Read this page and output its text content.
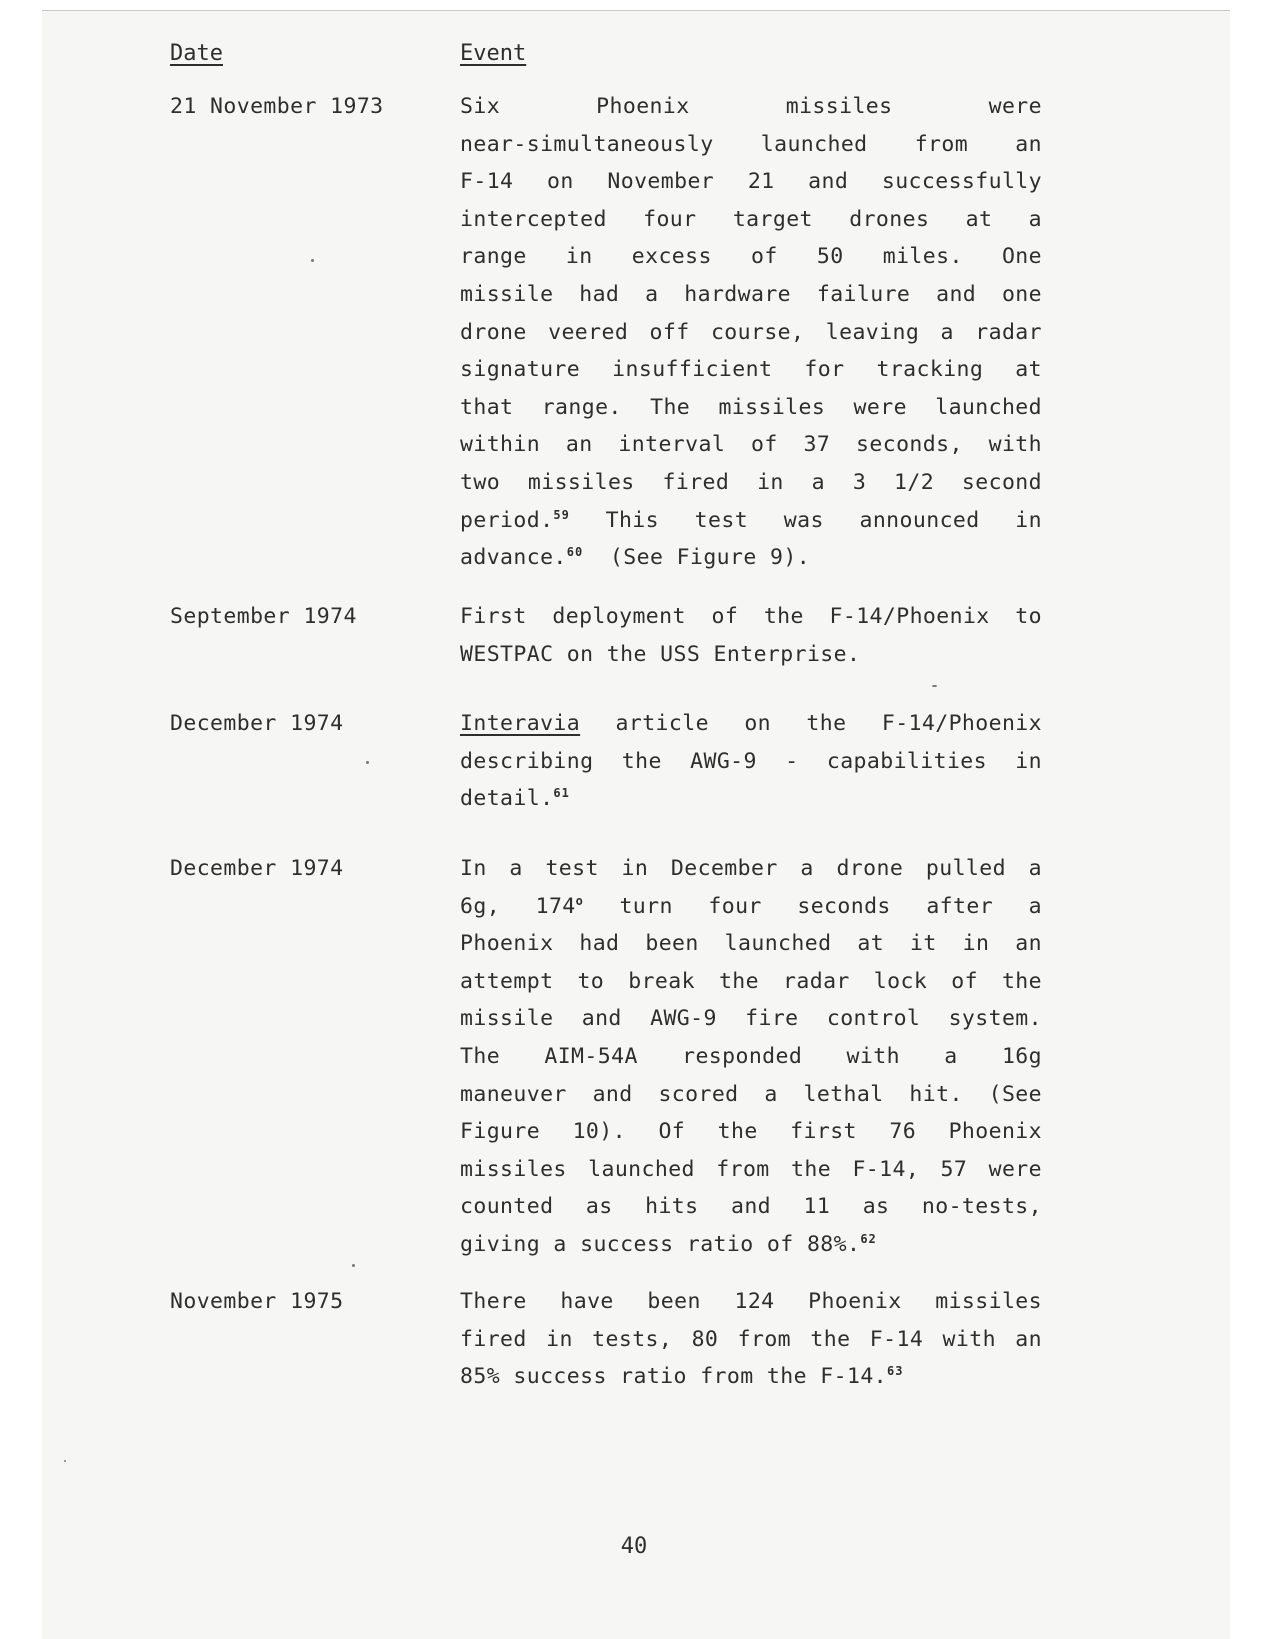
Date	Event
21 November 1973	Six Phoenix missiles were
near-simultaneously launched from an
F-14 on November 21 and successfully
intercepted four target drones at a
range in excess of 50 miles. One
missile had a hardware failure and one
drone veered off course, leaving a radar
signature insufficient for tracking at
that range. The missiles were launched
within an interval of 37 seconds, with
two missiles fired in a 3 1/2 second
period.$^{59}$ This test was announced in
advance.$^{60}$ (See Figure 9).
September 1974	First deployment of the F-14/Phoenix to
WESTPAC on the USS Enterprise.
December 1974	Interavia article on the F-14/Phoenix
describing the AWG-9 - capabilities in
detail.$^{61}$
December 1974	In a test in December a drone pulled a
6g, 174$^o$ turn four seconds after a
Phoenix had been launched at it in an
attempt to break the radar lock of the
missile and AWG-9 fire control system.
The AIM-54A responded with a 16g
maneuver and scored a lethal hit. (See
Figure 10). Of the first 76 Phoenix
missiles launched from the F-14, 57 were
counted as hits and 11 as no-tests,
giving a success ratio of 88%.$^{62}$
November 1975	There have been 124 Phoenix missiles
fired in tests, 80 from the F-14 with an
85% success ratio from the F-14.63
40
